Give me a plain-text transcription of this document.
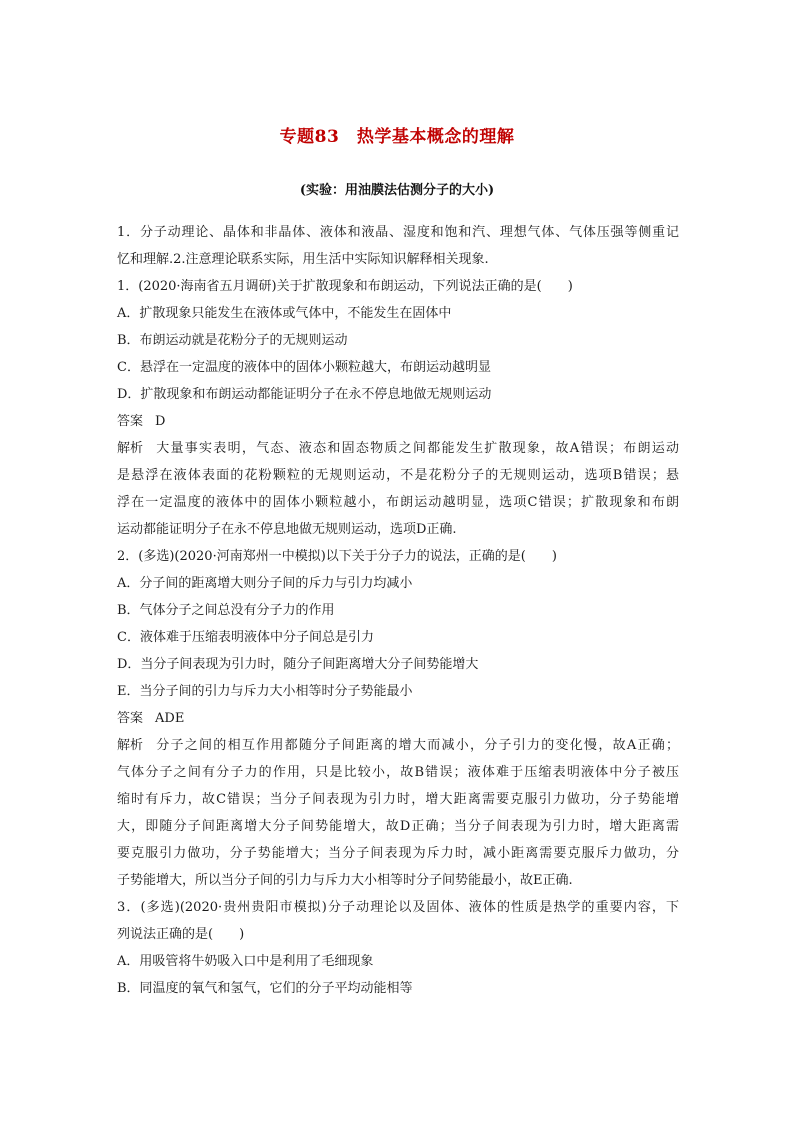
专题83　热学基本概念的理解
(实验：用油膜法估测分子的大小)
1．分子动理论、晶体和非晶体、液体和液晶、湿度和饱和汽、理想气体、气体压强等侧重记
忆和理解.2.注意理论联系实际，用生活中实际知识解释相关现象.
1．(2020·海南省五月调研)关于扩散现象和布朗运动，下列说法正确的是(　　)
A．扩散现象只能发生在液体或气体中，不能发生在固体中
B．布朗运动就是花粉分子的无规则运动
C．悬浮在一定温度的液体中的固体小颗粒越大，布朗运动越明显
D．扩散现象和布朗运动都能证明分子在永不停息地做无规则运动
答案 D
解析 大量事实表明，气态、液态和固态物质之间都能发生扩散现象，故A错误；布朗运动
是悬浮在液体表面的花粉颗粒的无规则运动，不是花粉分子的无规则运动，选项B错误；悬
浮在一定温度的液体中的固体小颗粒越小，布朗运动越明显，选项C错误；扩散现象和布朗
运动都能证明分子在永不停息地做无规则运动，选项D正确.
2．(多选)(2020·河南郑州一中模拟)以下关于分子力的说法，正确的是(　　)
A．分子间的距离增大则分子间的斥力与引力均减小
B．气体分子之间总没有分子力的作用
C．液体难于压缩表明液体中分子间总是引力
D．当分子间表现为引力时，随分子间距离增大分子间势能增大
E．当分子间的引力与斥力大小相等时分子势能最小
答案 ADE
解析 分子之间的相互作用都随分子间距离的增大而减小，分子引力的变化慢，故A正确；
气体分子之间有分子力的作用，只是比较小，故B错误；液体难于压缩表明液体中分子被压
缩时有斥力，故C错误；当分子间表现为引力时，增大距离需要克服引力做功，分子势能增
大，即随分子间距离增大分子间势能增大，故D正确；当分子间表现为引力时，增大距离需
要克服引力做功，分子势能增大；当分子间表现为斥力时，减小距离需要克服斥力做功，分
子势能增大，所以当分子间的引力与斥力大小相等时分子间势能最小，故E正确.
3．(多选)(2020·贵州贵阳市模拟)分子动理论以及固体、液体的性质是热学的重要内容，下
列说法正确的是(　　)
A．用吸管将牛奶吸入口中是利用了毛细现象
B．同温度的氧气和氢气，它们的分子平均动能相等
